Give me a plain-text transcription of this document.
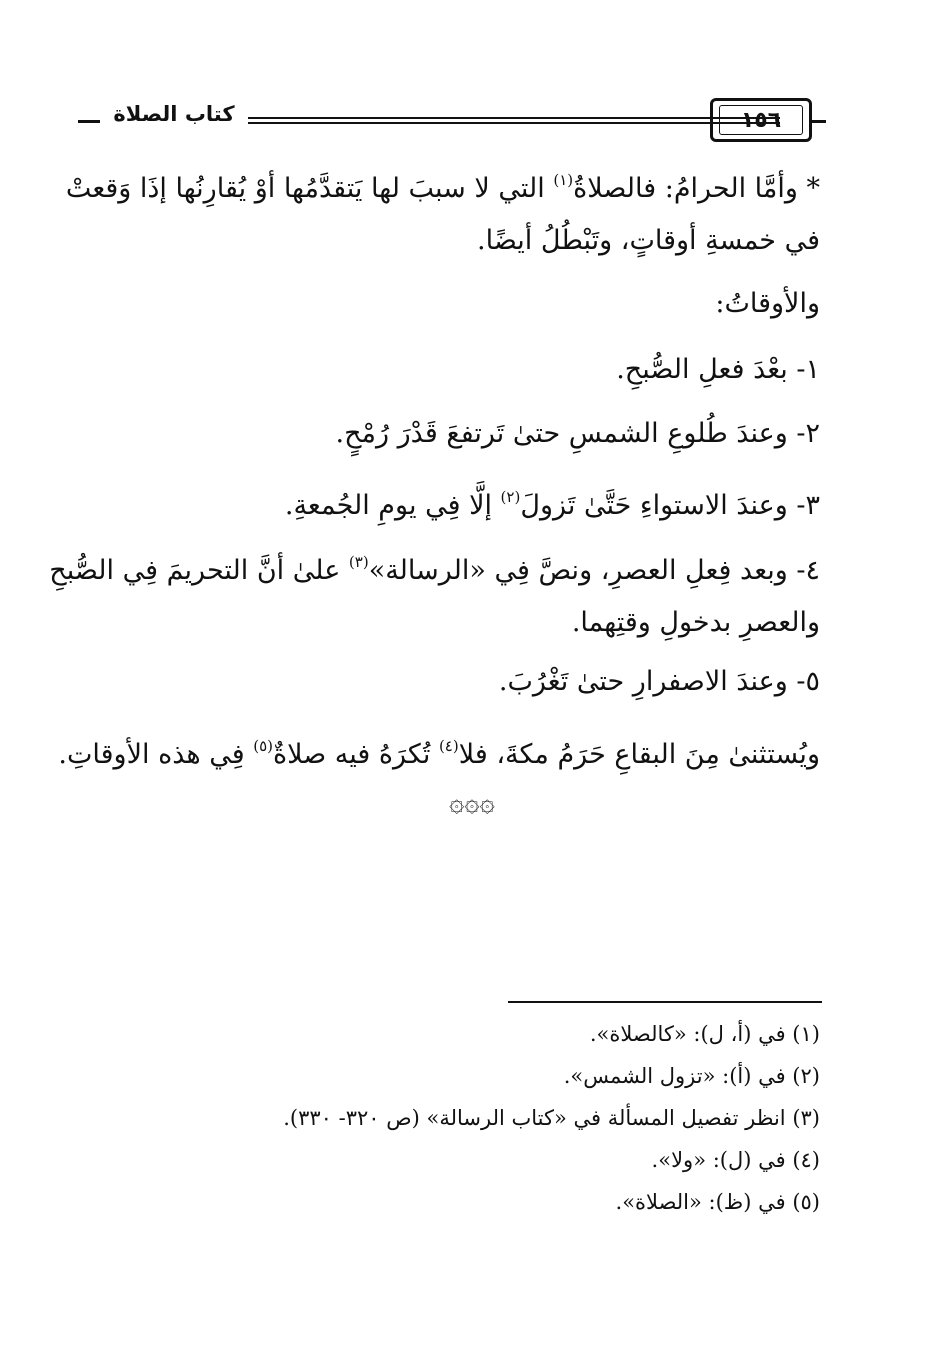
كتاب الصلاة	١٥٦
* وأمَّا الحرامُ: فالصلاةُ$^{(١)}$ التي لا سببَ لها يَتقدَّمُها أوْ يُقارِنُها إذَا وَقعتْ
في خمسةِ أوقاتٍ، وتَبْطُلُ أيضًا.
والأوقاتُ:
١- بعْدَ فعلِ الصُّبحِ.
٢- وعندَ طُلوعِ الشمسِ حتىٰ تَرتفعَ قَدْرَ رُمْحٍ.
٣- وعندَ الاستواءِ حَتَّىٰ تَزولَ$^{(٢)}$ إلَّا فِي يومِ الجُمعةِ.
٤- وبعد فِعلِ العصرِ، ونصَّ فِي «الرسالة»$^{(٣)}$ علىٰ أنَّ التحريمَ فِي الصُّبحِ
والعصرِ بدخولِ وقتِهما.
٥- وعندَ الاصفرارِ حتىٰ تَغْرُبَ.
ويُستثنىٰ مِنَ البقاعِ حَرَمُ مكةَ، فلا$^{(٤)}$ تُكرَهُ فيه صلاةٌ$^{(٥)}$ فِي هذه الأوقاتِ.
۞۞۞
(١) في (أ، ل): «كالصلاة».
(٢) في (أ): «تزول الشمس».
(٣) انظر تفصيل المسألة في «كتاب الرسالة» (ص ٣٢٠- ٣٣٠).
(٤) في (ل): «ولا».
(٥) في (ظ): «الصلاة».
